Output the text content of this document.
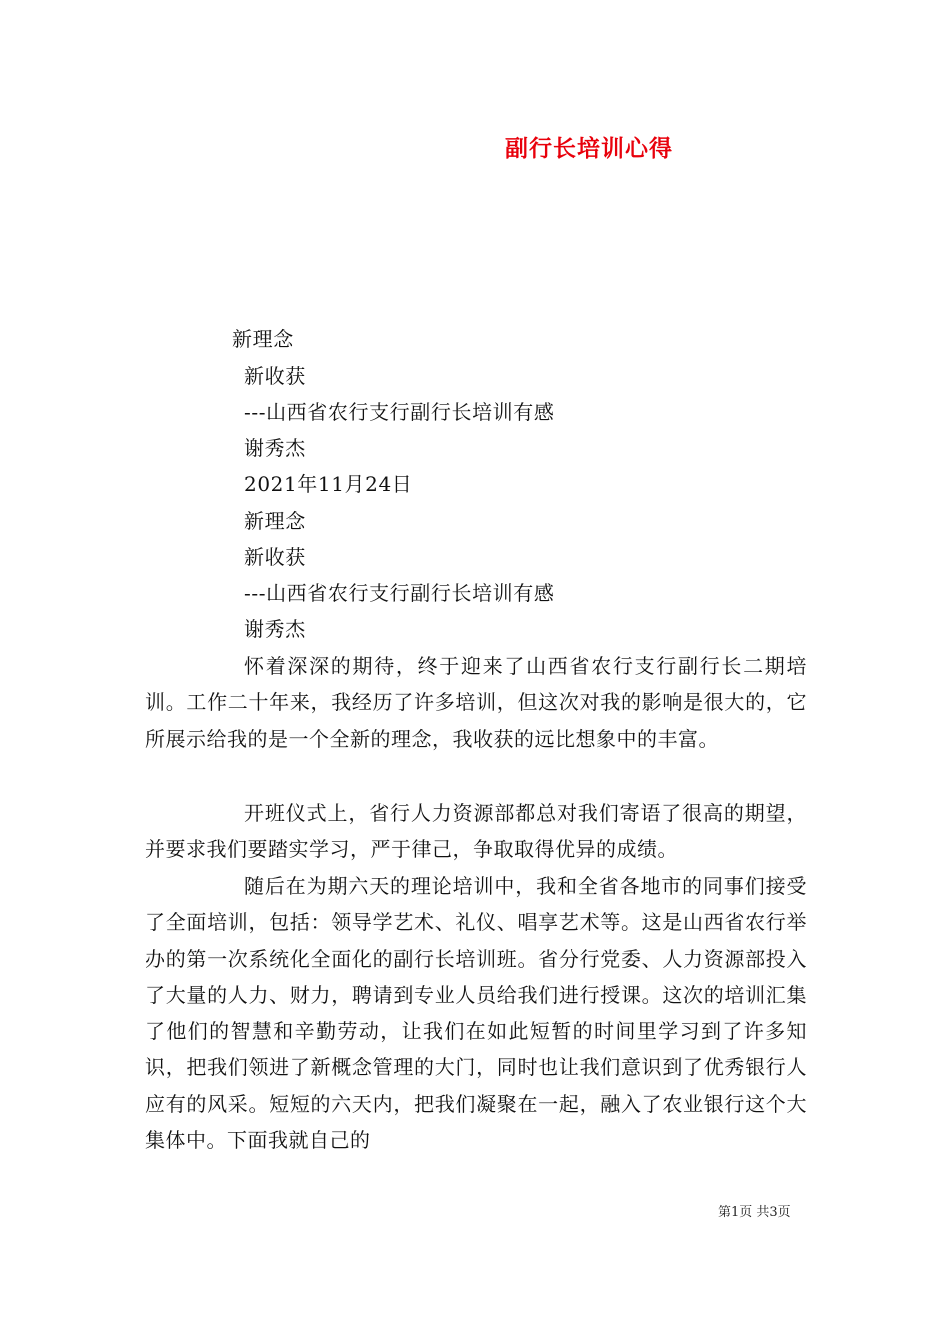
副行长培训心得
新理念
新收获
---山西省农行支行副行长培训有感
谢秀杰
2021年11月24日
新理念
新收获
---山西省农行支行副行长培训有感
谢秀杰

怀着深深的期待，终于迎来了山西省农行支行副行长二期培训。工作二十年来，我经历了许多培训，但这次对我的影响是很大的，它所展示给我的是一个全新的理念，我收获的远比想象中的丰富。

开班仪式上，省行人力资源部都总对我们寄语了很高的期望，并要求我们要踏实学习，严于律己，争取取得优异的成绩。

随后在为期六天的理论培训中，我和全省各地市的同事们接受了全面培训，包括：领导学艺术、礼仪、唱享艺术等。这是山西省农行举办的第一次系统化全面化的副行长培训班。省分行党委、人力资源部投入了大量的人力、财力，聘请到专业人员给我们进行授课。这次的培训汇集了他们的智慧和辛勤劳动，让我们在如此短暂的时间里学习到了许多知识，把我们领进了新概念管理的大门，同时也让我们意识到了优秀银行人应有的风采。短短的六天内，把我们凝聚在一起，融入了农业银行这个大集体中。下面我就自己的

第1页 共3页
